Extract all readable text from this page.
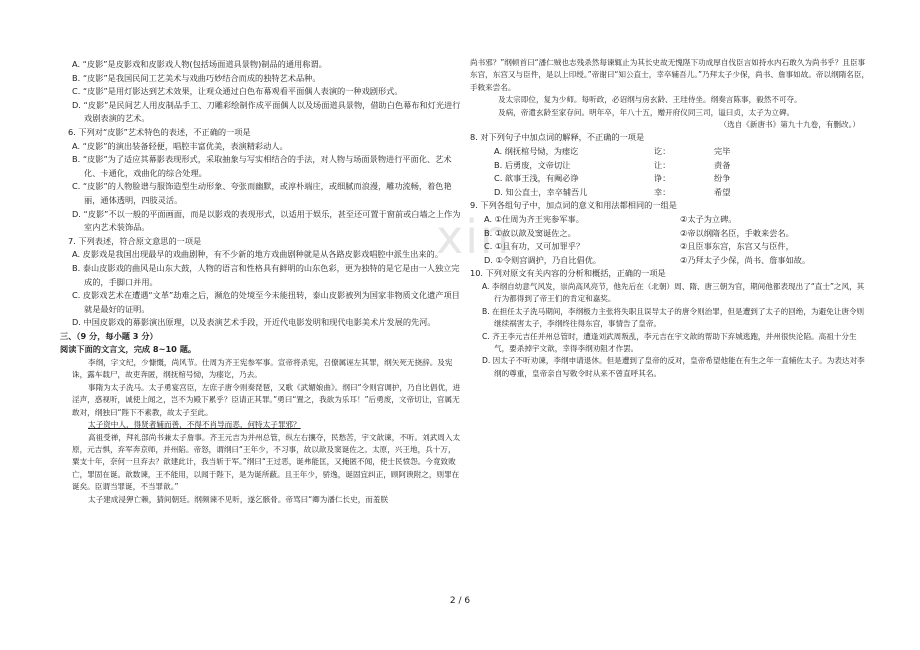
xin

A. “皮影”是皮影戏和皮影戏人物(包括场面道具景物)制品的通用称谓。

B. “皮影”是我国民间工艺美术与戏曲巧妙结合而成的独特艺术品种。

C. “皮影”是用灯影达到艺术效果，让观众通过白色布幕观看平面偶人表演的一种戏剧形式。

D. “皮影”是民间艺人用皮制品手工、刀雕彩绘制作成平面偶人以及场面道具景物，借助白色幕布和灯光进行戏剧表演的艺术。

6. 下列对“皮影”艺术特色的表述，不正确的一项是

A. “皮影”的演出装备轻便，唱腔丰富优美，表演精彩动人。

B. “皮影”为了适应其幕影表现形式，采取抽象与写实相结合的手法，对人物与场面景物进行平面化、艺术化、卡通化，戏曲化的综合处理。

C. “皮影”的人物脸谱与服饰造型生动形象、夸张而幽默，或淳朴端庄，或细腻而浪漫，雕功流畅，着色艳丽，通体透明，四肢灵活。

D. “皮影”不以一般的平面画面，而是以影戏的表现形式，以适用于娱乐，甚至还可置于窗前或白墙之上作为室内艺术装饰品。

7. 下列表述，符合原文意思的一项是

A. 皮影戏是我国出现最早的戏曲剧种，有不少新的地方戏曲剧种就是从各路皮影戏唱腔中派生出来的。

B. 泰山皮影戏的曲风是山东大鼓，人物的语言和性格具有鲜明的山东色彩，更为独特的是它是由一人独立完成的，手脚口并用。

C. 皮影戏艺术在遭遇“文革”劫难之后，濒危的处境至今未能扭转，泰山皮影被列为国家非物质文化遗产项目就是最好的证明。

D. 中国皮影戏的幕影演出原理，以及表演艺术手段，开近代电影发明和现代电影美术片发展的先河。

三、（9 分，每小题 3 分）

阅读下面的文言文，完成 8~10 题。

李纲，字文纪，少慷慨，尚风节。仕周为齐王宪参军事。宣帝将杀宪，召僚属诬左其罪，纲矢死无挠辞。及宪诛，露车载尸，故吏奔匿，纲抚棺号恸，为瘗讫，乃去。

事隋为太子洗马。太子勇宴宫臣，左庶子唐令则奏琵琶，又歌《武媚娘曲》。纲曰“令则宫调护，乃自比倡优，进淫声，惑视听，诚使上闻之，岂不为殿下累乎？臣请正其罪。”勇曰“置之，我欲为乐耳！”后勇废，文帝切让，官属无敢对，纲独曰“陛下不素教，故太子至此。

太子资中人，得贤者辅而善，不得不肖导而恶，何特太子罪邪？

高祖受禅，拜礼部尚书兼太子詹事。齐王元吉为并州总管，纵左右攘夺，民愁苦，宇文歆谏，不听。刘武周入太原，元吉惧，弃军奔京师，并州陷。帝怒，谓纲曰“王年少，不习事，故以歆及窦诞佐之。太原，兴王地，兵十万，粟支十年，奈何一旦弃去？歆建此计，我当斩于军。”纲曰“王过恶，诞弗能匡，又掩匿不闻，使士民愤怨。今竟致败亡，罪固在诞。歆数谏，王不能用，以闻于陛下，是为诞所蔽。且王年少，骄逸，诞固宜纠正，顾阿谀附之，则罪在诞矣。臣谓当罪诞，不当罪歆。”

太子建成浸狎亡赖，猜间朝廷。纲频谏不见听，遂乞骸骨。帝骂曰“卿为潘仁长史，而羞朕

尚书邪？”纲顿首曰“潘仁贼也志残杀然每谏辄止为其长史故无愧陛下功成厚自伐臣言如持水内石敢久为尚书乎？且臣事东宫，东宫又与臣件，是以上印绶。”帝谢曰“知公直士，幸卒辅吾儿。”乃拜太子少保，尚书、詹事如故。帝以纲隋名臣，手敕来尝名。

及太宗即位，复为少师。每听政，必诏纲与房玄龄、王珪侍坐。纲奏言陈事，毅然不可夺。

及病，帝遣玄龄至家存问。明年卒，年八十五，赠开府仪同三司，谥曰贞，太子为立碑。

（选自《新唐书》第九十九卷，有删改。）

8. 对下列句子中加点词的解释，不正确的一项是

A. 纲抚棺号恸，为瘗讫	讫：	完毕
B. 后勇废，文帝切让	让：	责备
C. 歆事王浅，有阉必诤	诤：	纷争
D. 知公直士，幸卒辅吾儿	幸：	希望

9. 下列各组句子中，加点词的意义和用法都相同的一组是

A. ①仕周为齐王宪参军事。	②太子为立碑。
B. ①故以歆及窦诞佐之。	②帝以纲隋名臣，手敕来尝名。
C. ①且有功，又可加罪乎？	②且臣事东宫，东宫又与臣件，
D. ①令则宫调护，乃自比倡优。	②乃拜太子少保，尚书、詹事如故。

10. 下列对原文有关内容的分析和概括，正确的一项是

A. 李纲自幼意气风发，崇尚高风亮节，他先后在（北朝）周、隋、唐三朝为官，期间他都表现出了“直士”之风，其行为都得到了帝王们的肯定和嘉奖。

B. 在担任太子洗马期间，李纲极力主张将失职且误导太子的唐令则治罪，但是遭到了太子的回绝，为避免让唐令则继续祸害太子，李纲终往得东宫，事情告了皇帝。

C. 齐王李元吉任并州总管时，遭逢刘武周叛乱，李元吉在宇文歆的帮助下弃城逃跑，并州很快沦陷。高祖十分生气，要杀掉宇文歆，幸得李纲劝阻才作罢。

D. 因太子不听劝谏，李纲申请退休。但是遭到了皇帝的反对，皇帝希望他能在有生之年一直辅佐太子。为表达对李纲的尊重，皇帝亲自写敕令时从来不曾直呼其名。

2 / 6
